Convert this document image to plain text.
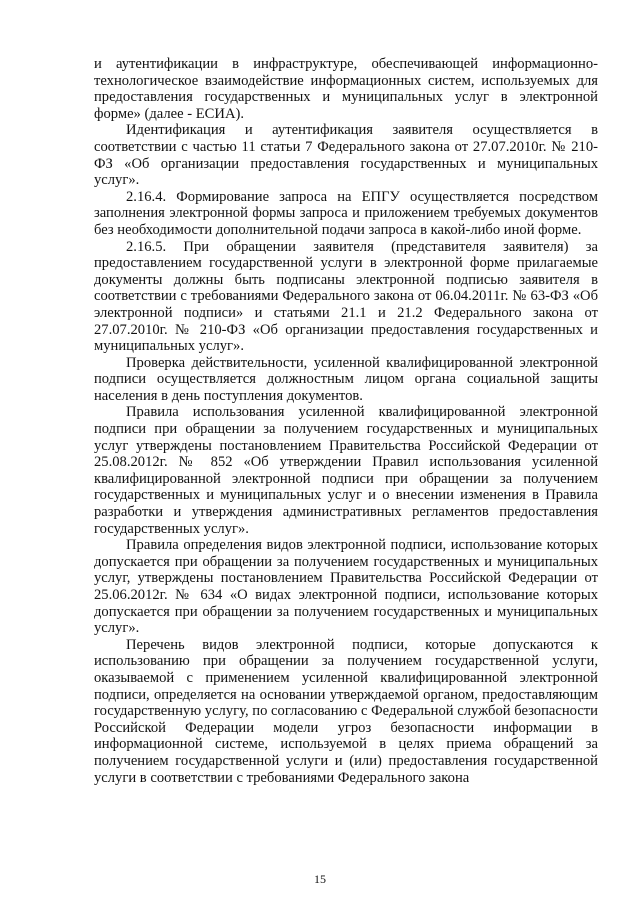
и аутентификации в инфраструктуре, обеспечивающей информационно-технологическое взаимодействие информационных систем, используемых для предоставления государственных и муниципальных услуг в электронной форме» (далее - ЕСИА).

Идентификация и аутентификация заявителя осуществляется в соответствии с частью 11 статьи 7 Федерального закона от 27.07.2010г. № 210-ФЗ «Об организации предоставления государственных и муниципальных услуг».

2.16.4. Формирование запроса на ЕПГУ осуществляется посредством заполнения электронной формы запроса и приложением требуемых документов без необходимости дополнительной подачи запроса в какой-либо иной форме.

2.16.5. При обращении заявителя (представителя заявителя) за предоставлением государственной услуги в электронной форме прилагаемые документы должны быть подписаны электронной подписью заявителя в соответствии с требованиями Федерального закона от 06.04.2011г. № 63-ФЗ «Об электронной подписи» и статьями 21.1 и 21.2 Федерального закона от 27.07.2010г. № 210-ФЗ «Об организации предоставления государственных и муниципальных услуг».

Проверка действительности, усиленной квалифицированной электронной подписи осуществляется должностным лицом органа социальной защиты населения в день поступления документов.

Правила использования усиленной квалифицированной электронной подписи при обращении за получением государственных и муниципальных услуг утверждены постановлением Правительства Российской Федерации от 25.08.2012г. № 852 «Об утверждении Правил использования усиленной квалифицированной электронной подписи при обращении за получением государственных и муниципальных услуг и о внесении изменения в Правила разработки и утверждения административных регламентов предоставления государственных услуг».

Правила определения видов электронной подписи, использование которых допускается при обращении за получением государственных и муниципальных услуг, утверждены постановлением Правительства Российской Федерации от 25.06.2012г. № 634 «О видах электронной подписи, использование которых допускается при обращении за получением государственных и муниципальных услуг».

Перечень видов электронной подписи, которые допускаются к использованию при обращении за получением государственной услуги, оказываемой с применением усиленной квалифицированной электронной подписи, определяется на основании утверждаемой органом, предоставляющим государственную услугу, по согласованию с Федеральной службой безопасности Российской Федерации модели угроз безопасности информации в информационной системе, используемой в целях приема обращений за получением государственной услуги и (или) предоставления государственной услуги в соответствии с требованиями Федерального закона

15
